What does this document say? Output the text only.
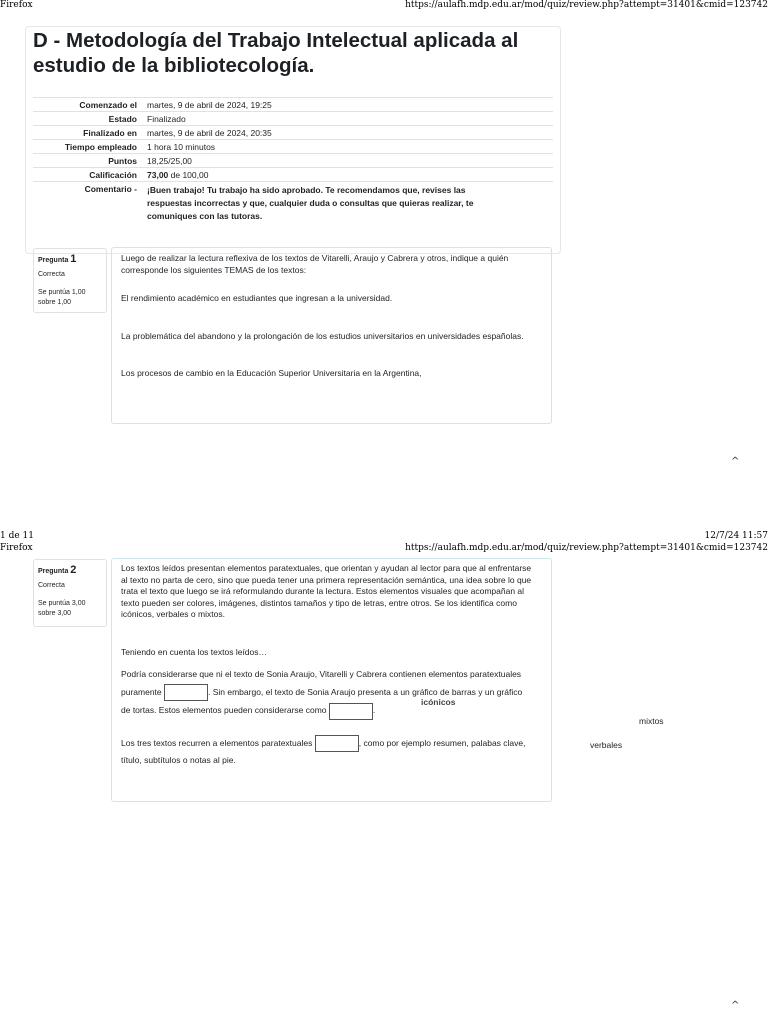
Firefox	https://aulafh.mdp.edu.ar/mod/quiz/review.php?attempt=31401&cmid=123742
D - Metodología del Trabajo Intelectual aplicada al estudio de la bibliotecología.
Comenzado el	martes, 9 de abril de 2024, 19:25
Estado	Finalizado
Finalizado en	martes, 9 de abril de 2024, 20:35
Tiempo empleado	1 hora 10 minutos
Puntos	18,25/25,00
Calificación	73,00 de 100,00
Comentario -	¡Buen trabajo! Tu trabajo ha sido aprobado. Te recomendamos que, revises las respuestas incorrectas y que, cualquier duda o consultas que quieras realizar, te comuniques con las tutoras.
Pregunta 1

Correcta

Se puntúa 1,00 sobre 1,00

Luego de realizar la lectura reflexiva de los textos de Vitarelli, Araujo y Cabrera y otros, indique a quién corresponde los siguientes TEMAS de los textos:

El rendimiento académico en estudiantes que ingresan a la universidad.

La problemática del abandono y la prolongación de los estudios universitarios en universidades españolas.

Los procesos de cambio en la Educación Superior Universitaria en la Argentina,

^
1 de 11	12/7/24 11:57
Firefox	https://aulafh.mdp.edu.ar/mod/quiz/review.php?attempt=31401&cmid=123742
Pregunta 2

Correcta

Se puntúa 3,00 sobre 3,00

Los textos leídos presentan elementos paratextuales, que orientan y ayudan al lector para que al enfrentarse al texto no parta de cero, sino que pueda tener una primera representación semántica, una idea sobre lo que trata el texto que luego se irá reformulando durante la lectura. Estos elementos visuales que acompañan al texto pueden ser colores, imágenes, distintos tamaños y tipo de letras, entre otros. Se los identifica como icónicos, verbales o mixtos.

Teniendo en cuenta los textos leídos…

Podría considerarse que ni el texto de Sonia Araujo, Vitarelli y Cabrera contienen elementos paratextuales puramente	. Sin embargo, el texto de Sonia Araujo presenta a un gráfico de barras y un gráfico de tortas. Estos elementos pueden considerarse como	.

icónicos

Los tres textos recurren a elementos paratextuales	, como por ejemplo resumen, palabas clave, título, subtítulos o notas al pie.

mixtos
verbales
^
